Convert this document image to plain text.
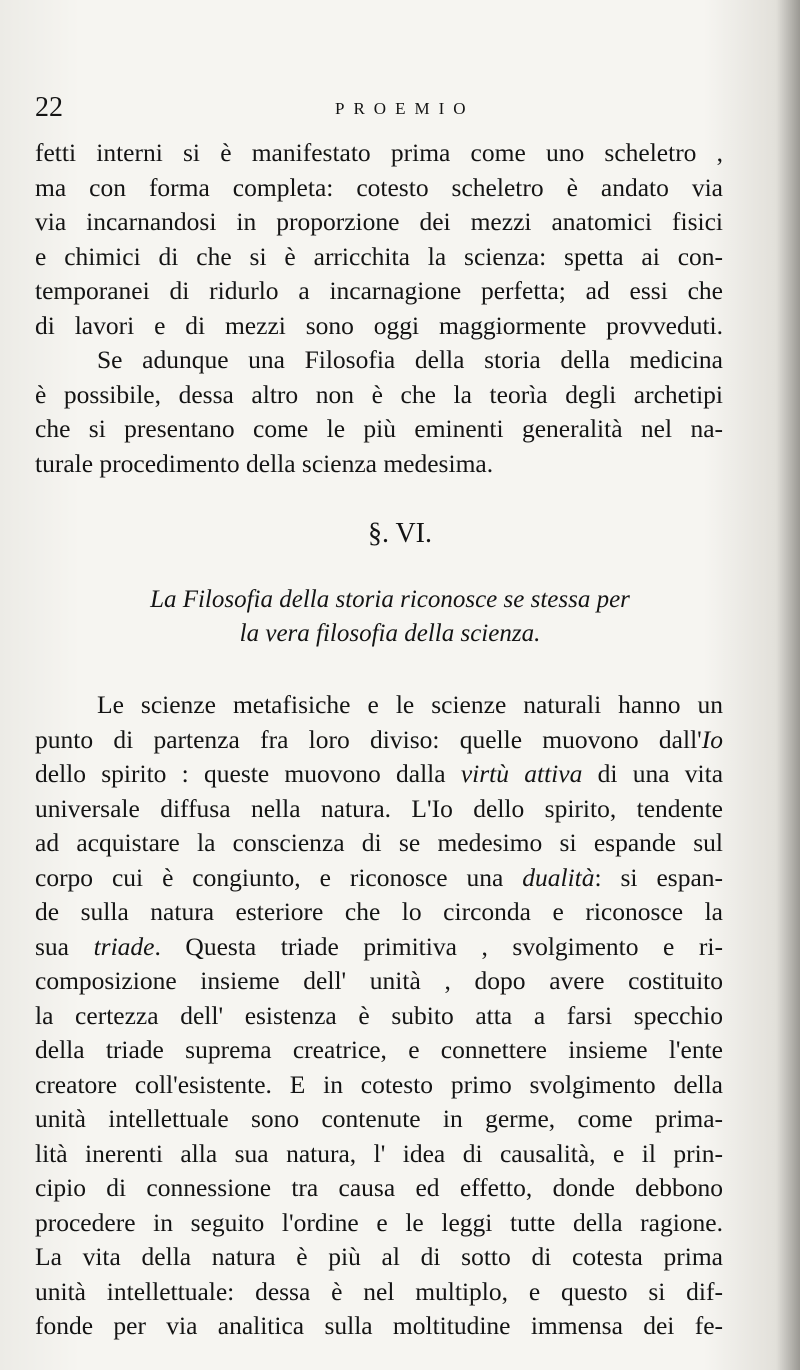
22	PROEMIO
fetti interni si è manifestato prima come uno scheletro ,
ma con forma completa: cotesto scheletro è andato via
via incarnandosi in proporzione dei mezzi anatomici fisici
e chimici di che si è arricchita la scienza: spetta ai con-
temporanei di ridurlo a incarnagione perfetta; ad essi che
di lavori e di mezzi sono oggi maggiormente provveduti.
Se adunque una Filosofia della storia della medicina
è possibile, dessa altro non è che la teorìa degli archetipi
che si presentano come le più eminenti generalità nel na-
turale procedimento della scienza medesima.
§. VI.
La Filosofia della storia riconosce se stessa per
la vera filosofia della scienza.
Le scienze metafisiche e le scienze naturali hanno un
punto di partenza fra loro diviso: quelle muovono dall'Io
dello spirito : queste muovono dalla virtù attiva di una vita
universale diffusa nella natura. L'Io dello spirito, tendente
ad acquistare la conscienza di se medesimo si espande sul
corpo cui è congiunto, e riconosce una dualità: si espan-
de sulla natura esteriore che lo circonda e riconosce la
sua triade. Questa triade primitiva , svolgimento e ri-
composizione insieme dell' unità , dopo avere costituito
la certezza dell' esistenza è subito atta a farsi specchio
della triade suprema creatrice, e connettere insieme l'ente
creatore coll'esistente. E in cotesto primo svolgimento della
unità intellettuale sono contenute in germe, come prima-
lità inerenti alla sua natura, l' idea di causalità, e il prin-
cipio di connessione tra causa ed effetto, donde debbono
procedere in seguito l'ordine e le leggi tutte della ragione.
La vita della natura è più al di sotto di cotesta prima
unità intellettuale: dessa è nel multiplo, e questo si dif-
fonde per via analitica sulla moltitudine immensa dei fe-
